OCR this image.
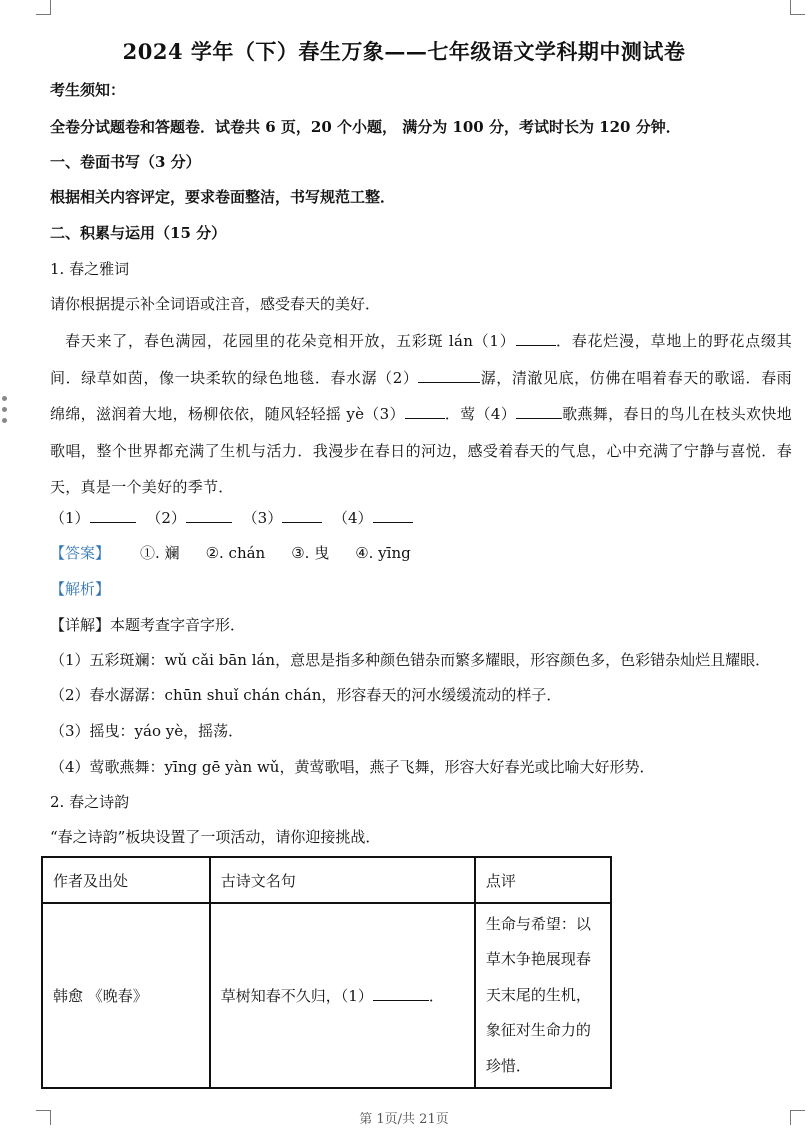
2024 学年（下）春生万象——七年级语文学科期中测试卷
考生须知：
全卷分试题卷和答题卷．试卷共 6 页，20 个小题， 满分为 100 分，考试时长为 120 分钟．
一、卷面书写（3 分）
根据相关内容评定，要求卷面整洁，书写规范工整．
二、积累与运用（15 分）
1. 春之雅词
请你根据提示补全词语或注音，感受春天的美好．
春天来了，春色满园，花园里的花朵竞相开放，五彩斑 lán（1）	．春花烂漫，草地上的野花点缀其间．绿草如茵，像一块柔软的绿色地毯．春水潺（2）	潺，清澈见底，仿佛在唱着春天的歌谣．春雨绵绵，滋润着大地，杨柳依依，随风轻轻摇 yè（3）	．莺（4）	歌燕舞，春日的鸟儿在枝头欢快地歌唱，整个世界都充满了生机与活力．我漫步在春日的河边，感受着春天的气息，心中充满了宁静与喜悦．春天，真是一个美好的季节．
（1）	（2）	（3）	（4）
【答案】 ①. 斓 ②. chán ③. 曳 ④. yīng
【解析】
【详解】本题考查字音字形．
（1）五彩斑斓：wǔ cǎi bān lán，意思是指多种颜色错杂而繁多耀眼，形容颜色多，色彩错杂灿烂且耀眼．
（2）春水潺潺：chūn shuǐ chán chán，形容春天的河水缓缓流动的样子．
（3）摇曳：yáo yè，摇荡．
（4）莺歌燕舞：yīng gē yàn wǔ，黄莺歌唱，燕子飞舞，形容大好春光或比喻大好形势．
2. 春之诗韵
“春之诗韵”板块设置了一项活动，请你迎接挑战．
作者及出处	古诗文名句	点评
韩愈 《晚春》	草树知春不久归，（1） ．	生命与希望：以
草木争艳展现春
天末尾的生机，
象征对生命力的
珍惜．
第 1页/共 21页
